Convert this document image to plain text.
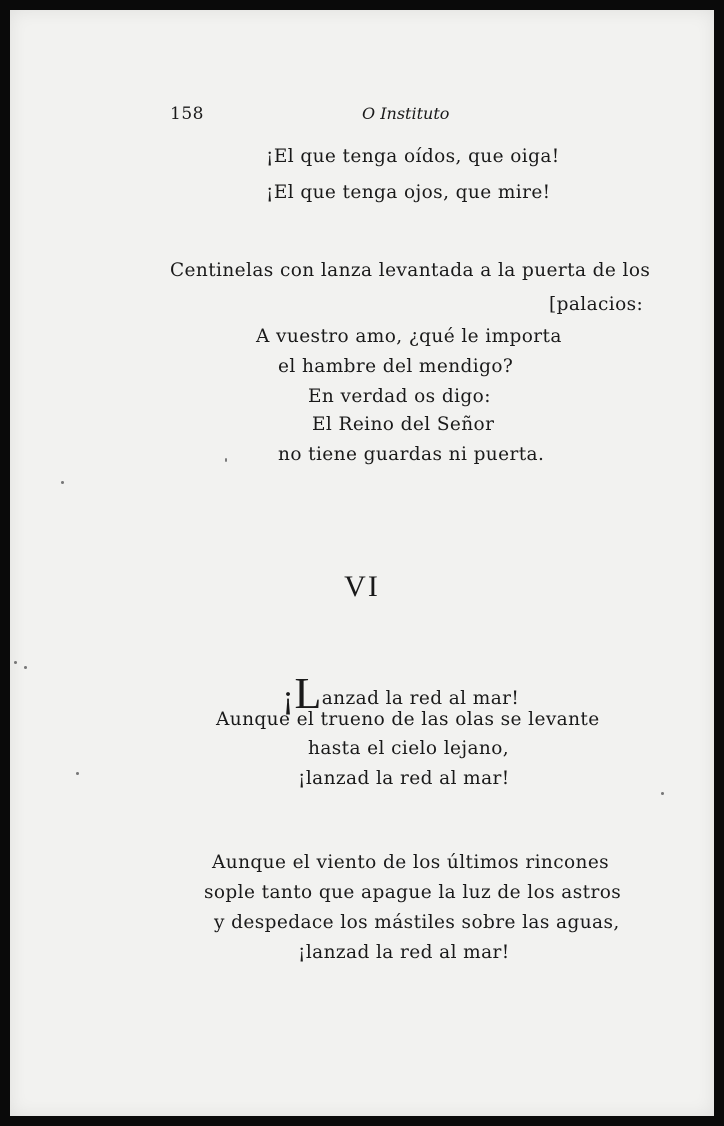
158	O Instituto
¡El que tenga oídos, que oiga!
¡El que tenga ojos, que mire!
Centinelas con lanza levantada a la puerta de los
[palacios:
A vuestro amo, ¿qué le importa
el hambre del mendigo?
En verdad os digo:
El Reino del Señor
no tiene guardas ni puerta.
VI
¡Lanzad la red al mar!
Aunque el trueno de las olas se levante
hasta el cielo lejano,
¡lanzad la red al mar!
Aunque el viento de los últimos rincones
sople tanto que apague la luz de los astros
y despedace los mástiles sobre las aguas,
¡lanzad la red al mar!
